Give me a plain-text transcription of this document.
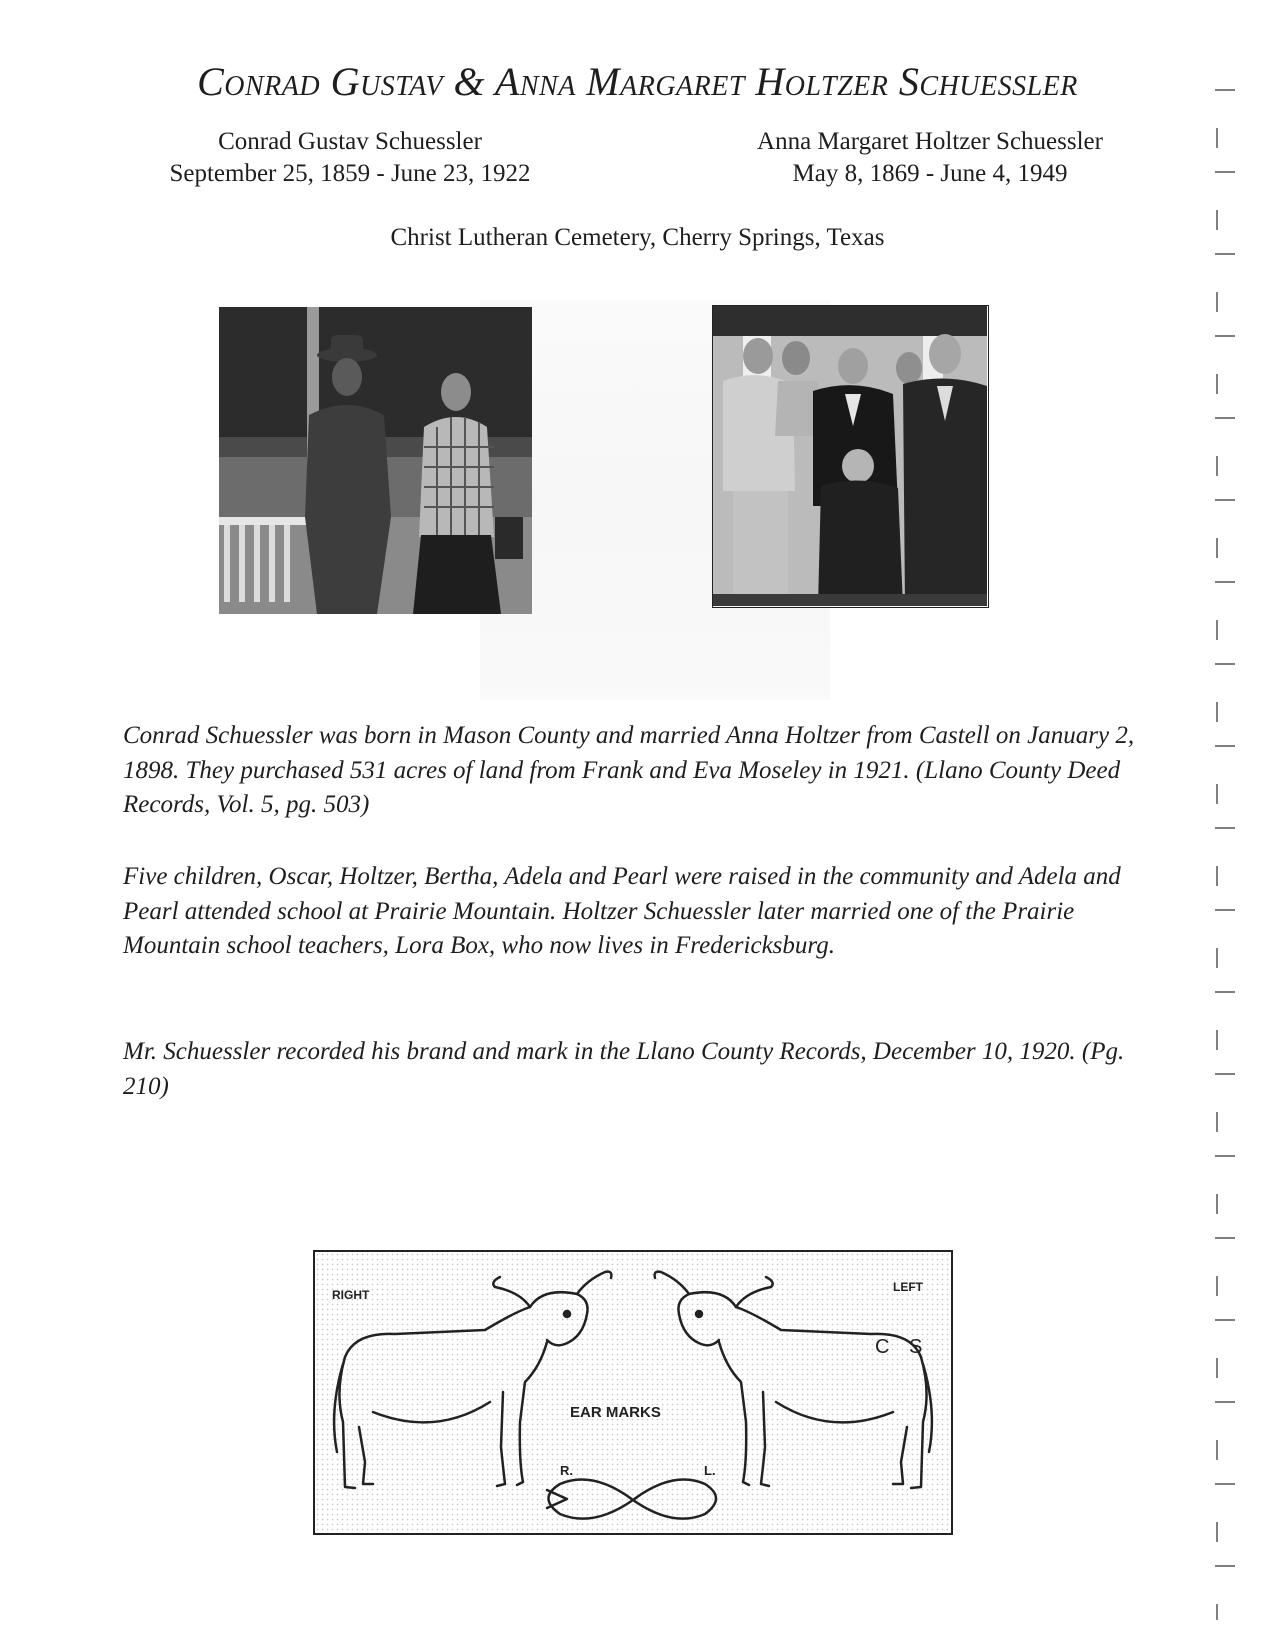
Conrad Gustav & Anna Margaret Holtzer Schuessler
Conrad Gustav Schuessler
September 25, 1859 - June 23, 1922
Anna Margaret Holtzer Schuessler
May 8, 1869 - June 4, 1949
Christ Lutheran Cemetery, Cherry Springs, Texas

Conrad Schuessler was born in Mason County and married Anna Holtzer from Castell on January 2, 1898. They purchased 531 acres of land from Frank and Eva Moseley in 1921. (Llano County Deed Records, Vol. 5, pg. 503)

Five children, Oscar, Holtzer, Bertha, Adela and Pearl were raised in the community and Adela and Pearl attended school at Prairie Mountain. Holtzer Schuessler later married one of the Prairie Mountain school teachers, Lora Box, who now lives in Fredericksburg.

Mr. Schuessler recorded his brand and mark in the Llano County Records, December 10, 1920. (Pg. 210)

RIGHT
LEFT
C S
EAR MARKS
R.	L.
